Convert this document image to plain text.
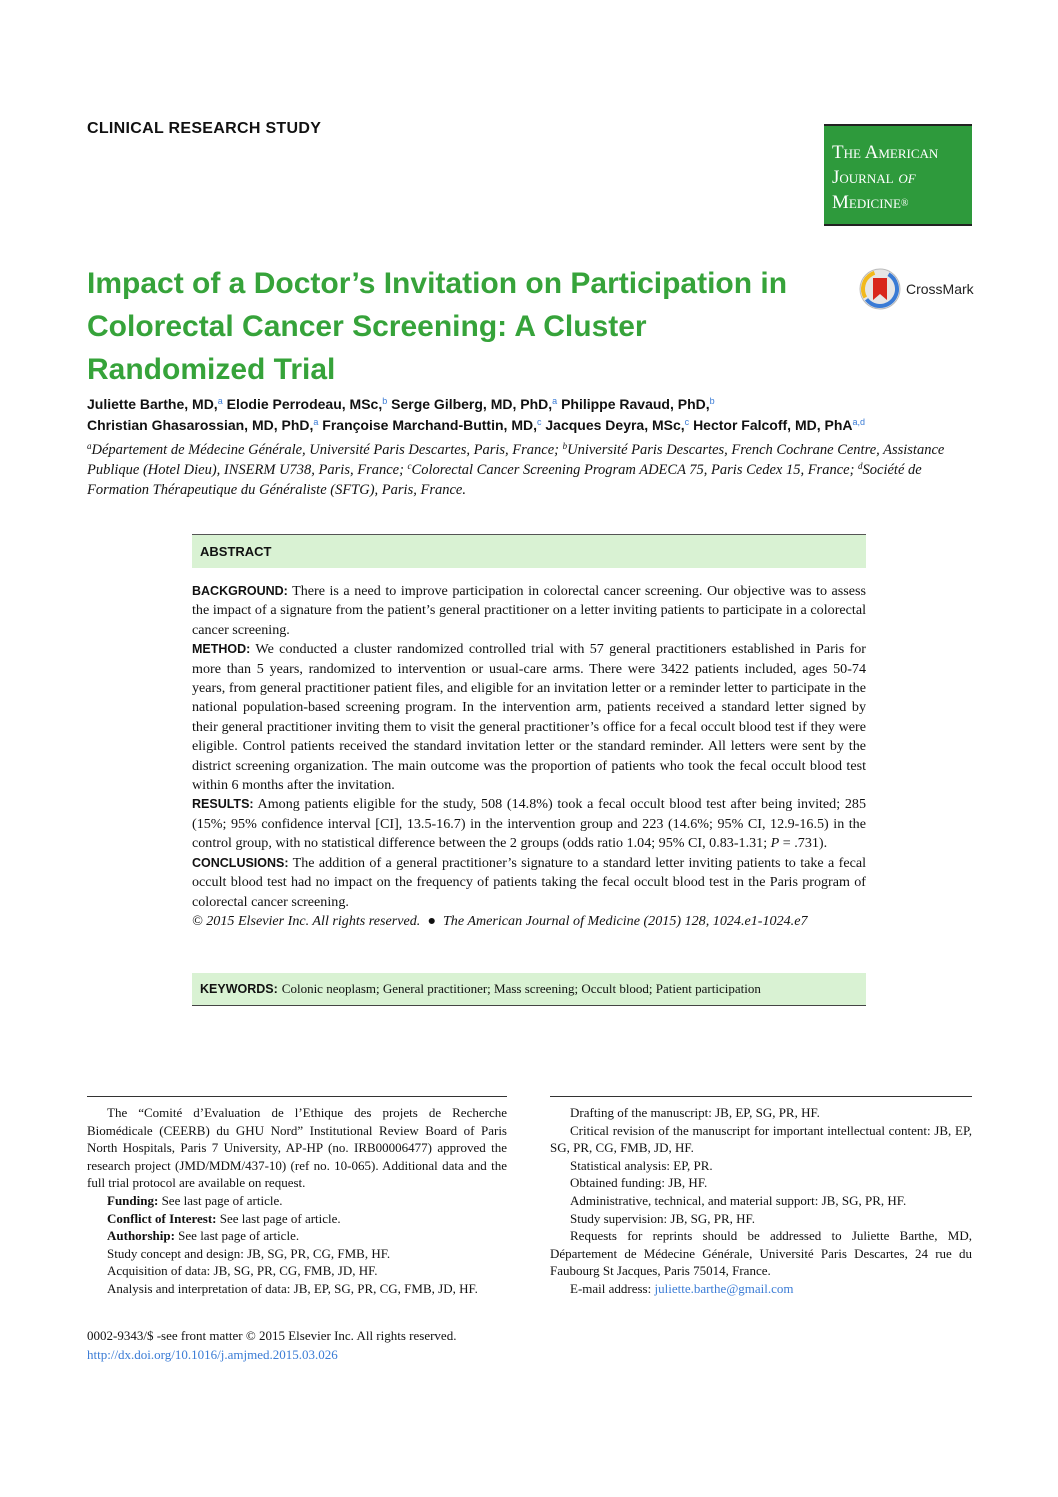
CLINICAL RESEARCH STUDY
The American
Journal of
Medicine®
Impact of a Doctor’s Invitation on Participation in Colorectal Cancer Screening: A Cluster Randomized Trial
CrossMark
Juliette Barthe, MD,$^a$ Elodie Perrodeau, MSc,$^b$ Serge Gilberg, MD, PhD,$^a$ Philippe Ravaud, PhD,$^b$
Christian Ghasarossian, MD, PhD,$^a$ Françoise Marchand-Buttin, MD,$^c$ Jacques Deyra, MSc,$^c$ Hector Falcoff, MD, PhA$^{a,d}$
$^a$Département de Médecine Générale, Université Paris Descartes, Paris, France; $^b$Université Paris Descartes, French Cochrane Centre, Assistance Publique (Hotel Dieu), INSERM U738, Paris, France; $^c$Colorectal Cancer Screening Program ADECA 75, Paris Cedex 15, France; $^d$Société de Formation Thérapeutique du Généraliste (SFTG), Paris, France.
ABSTRACT

BACKGROUND: There is a need to improve participation in colorectal cancer screening. Our objective was to assess the impact of a signature from the patient’s general practitioner on a letter inviting patients to participate in a colorectal cancer screening.

METHOD: We conducted a cluster randomized controlled trial with 57 general practitioners established in Paris for more than 5 years, randomized to intervention or usual-care arms. There were 3422 patients included, ages 50-74 years, from general practitioner patient files, and eligible for an invitation letter or a reminder letter to participate in the national population-based screening program. In the intervention arm, patients received a standard letter signed by their general practitioner inviting them to visit the general practitioner’s office for a fecal occult blood test if they were eligible. Control patients received the standard invitation letter or the standard reminder. All letters were sent by the district screening organization. The main outcome was the proportion of patients who took the fecal occult blood test within 6 months after the invitation.

RESULTS: Among patients eligible for the study, 508 (14.8%) took a fecal occult blood test after being invited; 285 (15%; 95% confidence interval [CI], 13.5-16.7) in the intervention group and 223 (14.6%; 95% CI, 12.9-16.5) in the control group, with no statistical difference between the 2 groups (odds ratio 1.04; 95% CI, 0.83-1.31; P = .731).

CONCLUSIONS: The addition of a general practitioner’s signature to a standard letter inviting patients to take a fecal occult blood test had no impact on the frequency of patients taking the fecal occult blood test in the Paris program of colorectal cancer screening.

© 2015 Elsevier Inc. All rights reserved. ● The American Journal of Medicine (2015) 128, 1024.e1-1024.e7

KEYWORDS: Colonic neoplasm; General practitioner; Mass screening; Occult blood; Patient participation

The “Comité d’Evaluation de l’Ethique des projets de Recherche Biomédicale (CEERB) du GHU Nord” Institutional Review Board of Paris North Hospitals, Paris 7 University, AP-HP (no. IRB00006477) approved the research project (JMD/MDM/437-10) (ref no. 10-065). Additional data and the full trial protocol are available on request.

Funding: See last page of article.

Conflict of Interest: See last page of article.

Authorship: See last page of article.

Study concept and design: JB, SG, PR, CG, FMB, HF.

Acquisition of data: JB, SG, PR, CG, FMB, JD, HF.

Analysis and interpretation of data: JB, EP, SG, PR, CG, FMB, JD, HF.

Drafting of the manuscript: JB, EP, SG, PR, HF.

Critical revision of the manuscript for important intellectual content: JB, EP, SG, PR, CG, FMB, JD, HF.

Statistical analysis: EP, PR.

Obtained funding: JB, HF.

Administrative, technical, and material support: JB, SG, PR, HF.

Study supervision: JB, SG, PR, HF.

Requests for reprints should be addressed to Juliette Barthe, MD, Département de Médecine Générale, Université Paris Descartes, 24 rue du Faubourg St Jacques, Paris 75014, France.

E-mail address: juliette.barthe@gmail.com

0002-9343/$ -see front matter © 2015 Elsevier Inc. All rights reserved.
http://dx.doi.org/10.1016/j.amjmed.2015.03.026
